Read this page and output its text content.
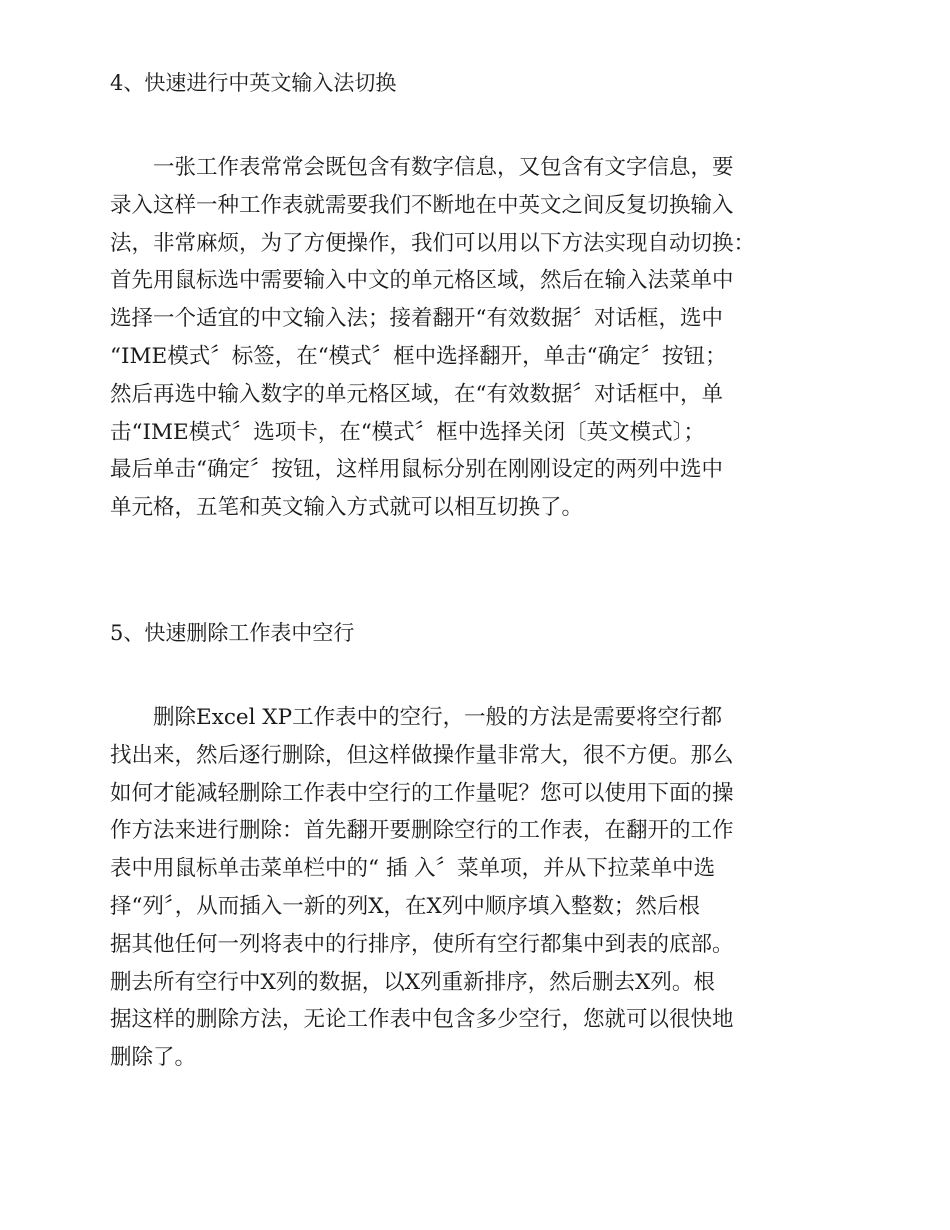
4、快速进行中英文输入法切换
　　一张工作表常常会既包含有数字信息，又包含有文字信息，要
录入这样一种工作表就需要我们不断地在中英文之间反复切换输入
法，非常麻烦，为了方便操作，我们可以用以下方法实现自动切换：
首先用鼠标选中需要输入中文的单元格区域，然后在输入法菜单中
选择一个适宜的中文输入法；接着翻开“有效数据〞对话框，选中
“IME模式〞标签，在“模式〞框中选择翻开，单击“确定〞按钮；
然后再选中输入数字的单元格区域，在“有效数据〞对话框中，单
击“IME模式〞选项卡，在“模式〞框中选择关闭〔英文模式〕；
最后单击“确定〞按钮，这样用鼠标分别在刚刚设定的两列中选中
单元格，五笔和英文输入方式就可以相互切换了。
5、快速删除工作表中空行
　　删除Excel XP工作表中的空行，一般的方法是需要将空行都
找出来，然后逐行删除，但这样做操作量非常大，很不方便。那么
如何才能减轻删除工作表中空行的工作量呢？您可以使用下面的操
作方法来进行删除：首先翻开要删除空行的工作表，在翻开的工作
表中用鼠标单击菜单栏中的“ 插 入〞菜单项，并从下拉菜单中选
择“列〞，从而插入一新的列X，在X列中顺序填入整数；然后根
据其他任何一列将表中的行排序，使所有空行都集中到表的底部。
删去所有空行中X列的数据，以X列重新排序，然后删去X列。根
据这样的删除方法，无论工作表中包含多少空行，您就可以很快地
删除了。
